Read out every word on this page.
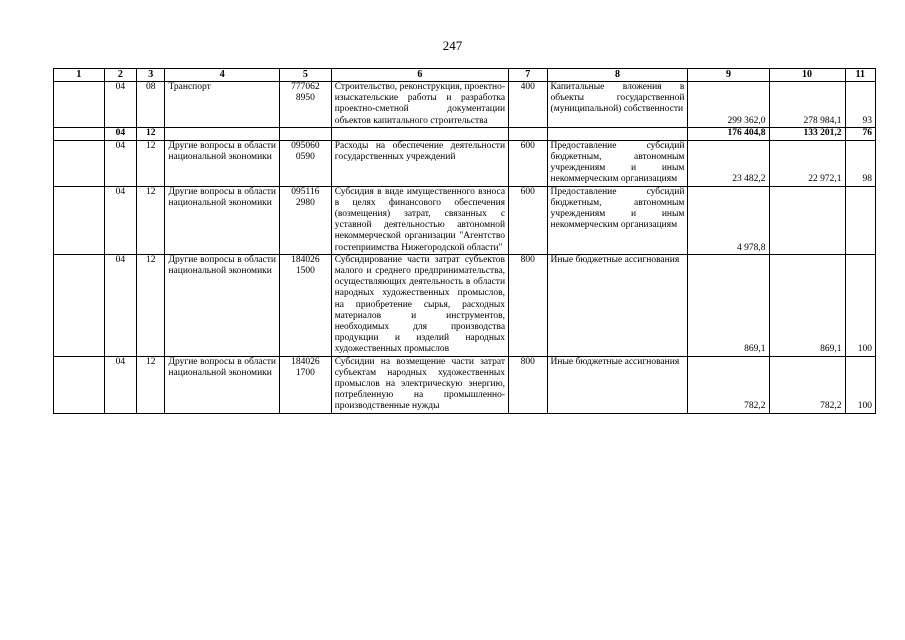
247
1	2	3	4	5	6	7	8	9	10	11
	04	08	Транспорт	777062 8950	Строительство, реконструкция, проектно-изыскательские работы и разработка проектно-сметной документации объектов капитального строительства	400	Капитальные вложения в объекты государственной (муниципальной) собственности	299 362,0	278 984,1	93
	04	12						176 404,8	133 201,2	76
	04	12	Другие вопросы в области национальной экономики	095060 0590	Расходы на обеспечение деятельности государственных учреждений	600	Предоставление субсидий бюджетным, автономным учреждениям и иным некоммерческим организациям	23 482,2	22 972,1	98
	04	12	Другие вопросы в области национальной экономики	095116 2980	Субсидия в виде имущественного взноса в целях финансового обеспечения (возмещения) затрат, связанных с уставной деятельностью автономной некоммерческой организации "Агентство гостеприимства Нижегородской области"	600	Предоставление субсидий бюджетным, автономным учреждениям и иным некоммерческим организациям	4 978,8		
	04	12	Другие вопросы в области национальной экономики	184026 1500	Субсидирование части затрат субъектов малого и среднего предпринимательства, осуществляющих деятельность в области народных художественных промыслов, на приобретение сырья, расходных материалов и инструментов, необходимых для производства продукции и изделий народных художественных промыслов	800	Иные бюджетные ассигнования	869,1	869,1	100
	04	12	Другие вопросы в области национальной экономики	184026 1700	Субсидии на возмещение части затрат субъектам народных художественных промыслов на электрическую энергию, потребленную на промышленно-производственные нужды	800	Иные бюджетные ассигнования	782,2	782,2	100
